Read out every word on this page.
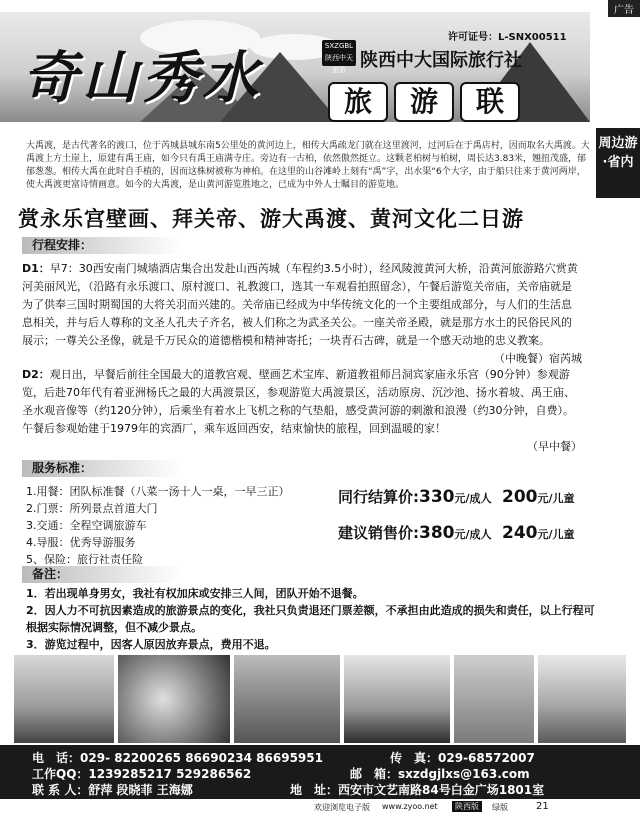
广告
奇山秀水
许可证号：L-SNX00511
SXZGBL 陕西中天旅游 陕西中大国际旅行社
旅 游 联
周边游
·省内
大禹渡，是古代著名的渡口，位于芮城县城东南5公里处的黄河边上，相传大禹疏龙门就在这里渡河，过河后在于禹店村，因而取名大禹渡。大禹渡上方土崖上，原建有禹王庙，如今只有禹王庙满寺庄。旁边有一古柏，依然傲然挺立。这颗老柏树与柏树，周长达3.83米，翘扭茂盛，郁郁葱葱。相传大禹在此时自手植的，因而这株树被称为神柏。在这里的山谷滩岭上刻有“禹”字，出水渠“6个大字，由于船只往来于黄河两岸，使大禹渡更富诗情画意。如今的大禹渡，是山黄河游览胜地之，已成为中外人士瞩目的游览地。
赏永乐宫壁画、拜关帝、游大禹渡、黄河文化二日游
行程安排：
D1：早7：30西安南门城墙酒店集合出发赴山西芮城（车程约3.5小时），经风陵渡黄河大桥，沿黄河旅游路穴赏黄河美丽风光，（沿路有永乐渡口、原村渡口、礼教渡口，选其一车观看拍照留念），午餐后游览关帝庙，关帝庙就是为了供奉三国时期蜀国的大将关羽而兴建的。关帝庙已经成为中华传统文化的一个主要组成部分，与人们的生活息息相关，并与后人尊称的文圣人孔夫子齐名，被人们称之为武圣关公。一座关帝圣殿，就是那方水土的民俗民风的展示；一尊关公圣像，就是千万民众的道德楷模和精神寄托；一块青石古碑，就是一个感天动地的忠义教案。
（中晚餐）宿芮城
D2：观日出，早餐后前往全国最大的道教宫观、壁画艺术宝库、新道教祖师吕洞宾家庙永乐宫（90分钟）参观游览，后赴70年代有着亚洲杨氏之最的大禹渡景区，参观游览大禹渡景区，活动原房、沉沙池、扬水着坡、禹王庙、圣水观音像等（约120分钟），后乘坐有着水上飞机之称的气垫船，感受黄河游的刺激和浪漫（约30分钟，自费）。午餐后参观始建于1979年的宾酒厂，乘车返回西安，结束愉快的旅程，回到温暖的家！
（早中餐）
服务标准：
1.用餐：团队标准餐（八菜一汤十人一桌，一早三正）
2.门票：所列景点首道大门
3.交通：全程空调旅游车
4.导服：优秀导游服务
5、保险：旅行社责任险
同行结算价:330元/成人 200元/儿童
建议销售价:380元/成人 240元/儿童
备注：
1．若出现单身男女，我社有权加床或安排三人间，团队开始不退餐。
2．因人力不可抗因素造成的旅游景点的变化，我社只负责退还门票差额，不承担由此造成的损失和责任，以上行程可根据实际情况调整，但不减少景点。
3．游览过程中，因客人原因放弃景点，费用不退。
电　话：029- 82200265 86690234 86695951	传　真：029-68572007
工作QQ：1239285217 529286562	邮　箱：sxzdgjlxs@163.com
联 系 人：舒萍 段晓菲 王海娜	地　址：西安市文艺南路84号白金广场1801室
欢迎浏览电子版 www.zyoo.net	陕西版	绿版	21
